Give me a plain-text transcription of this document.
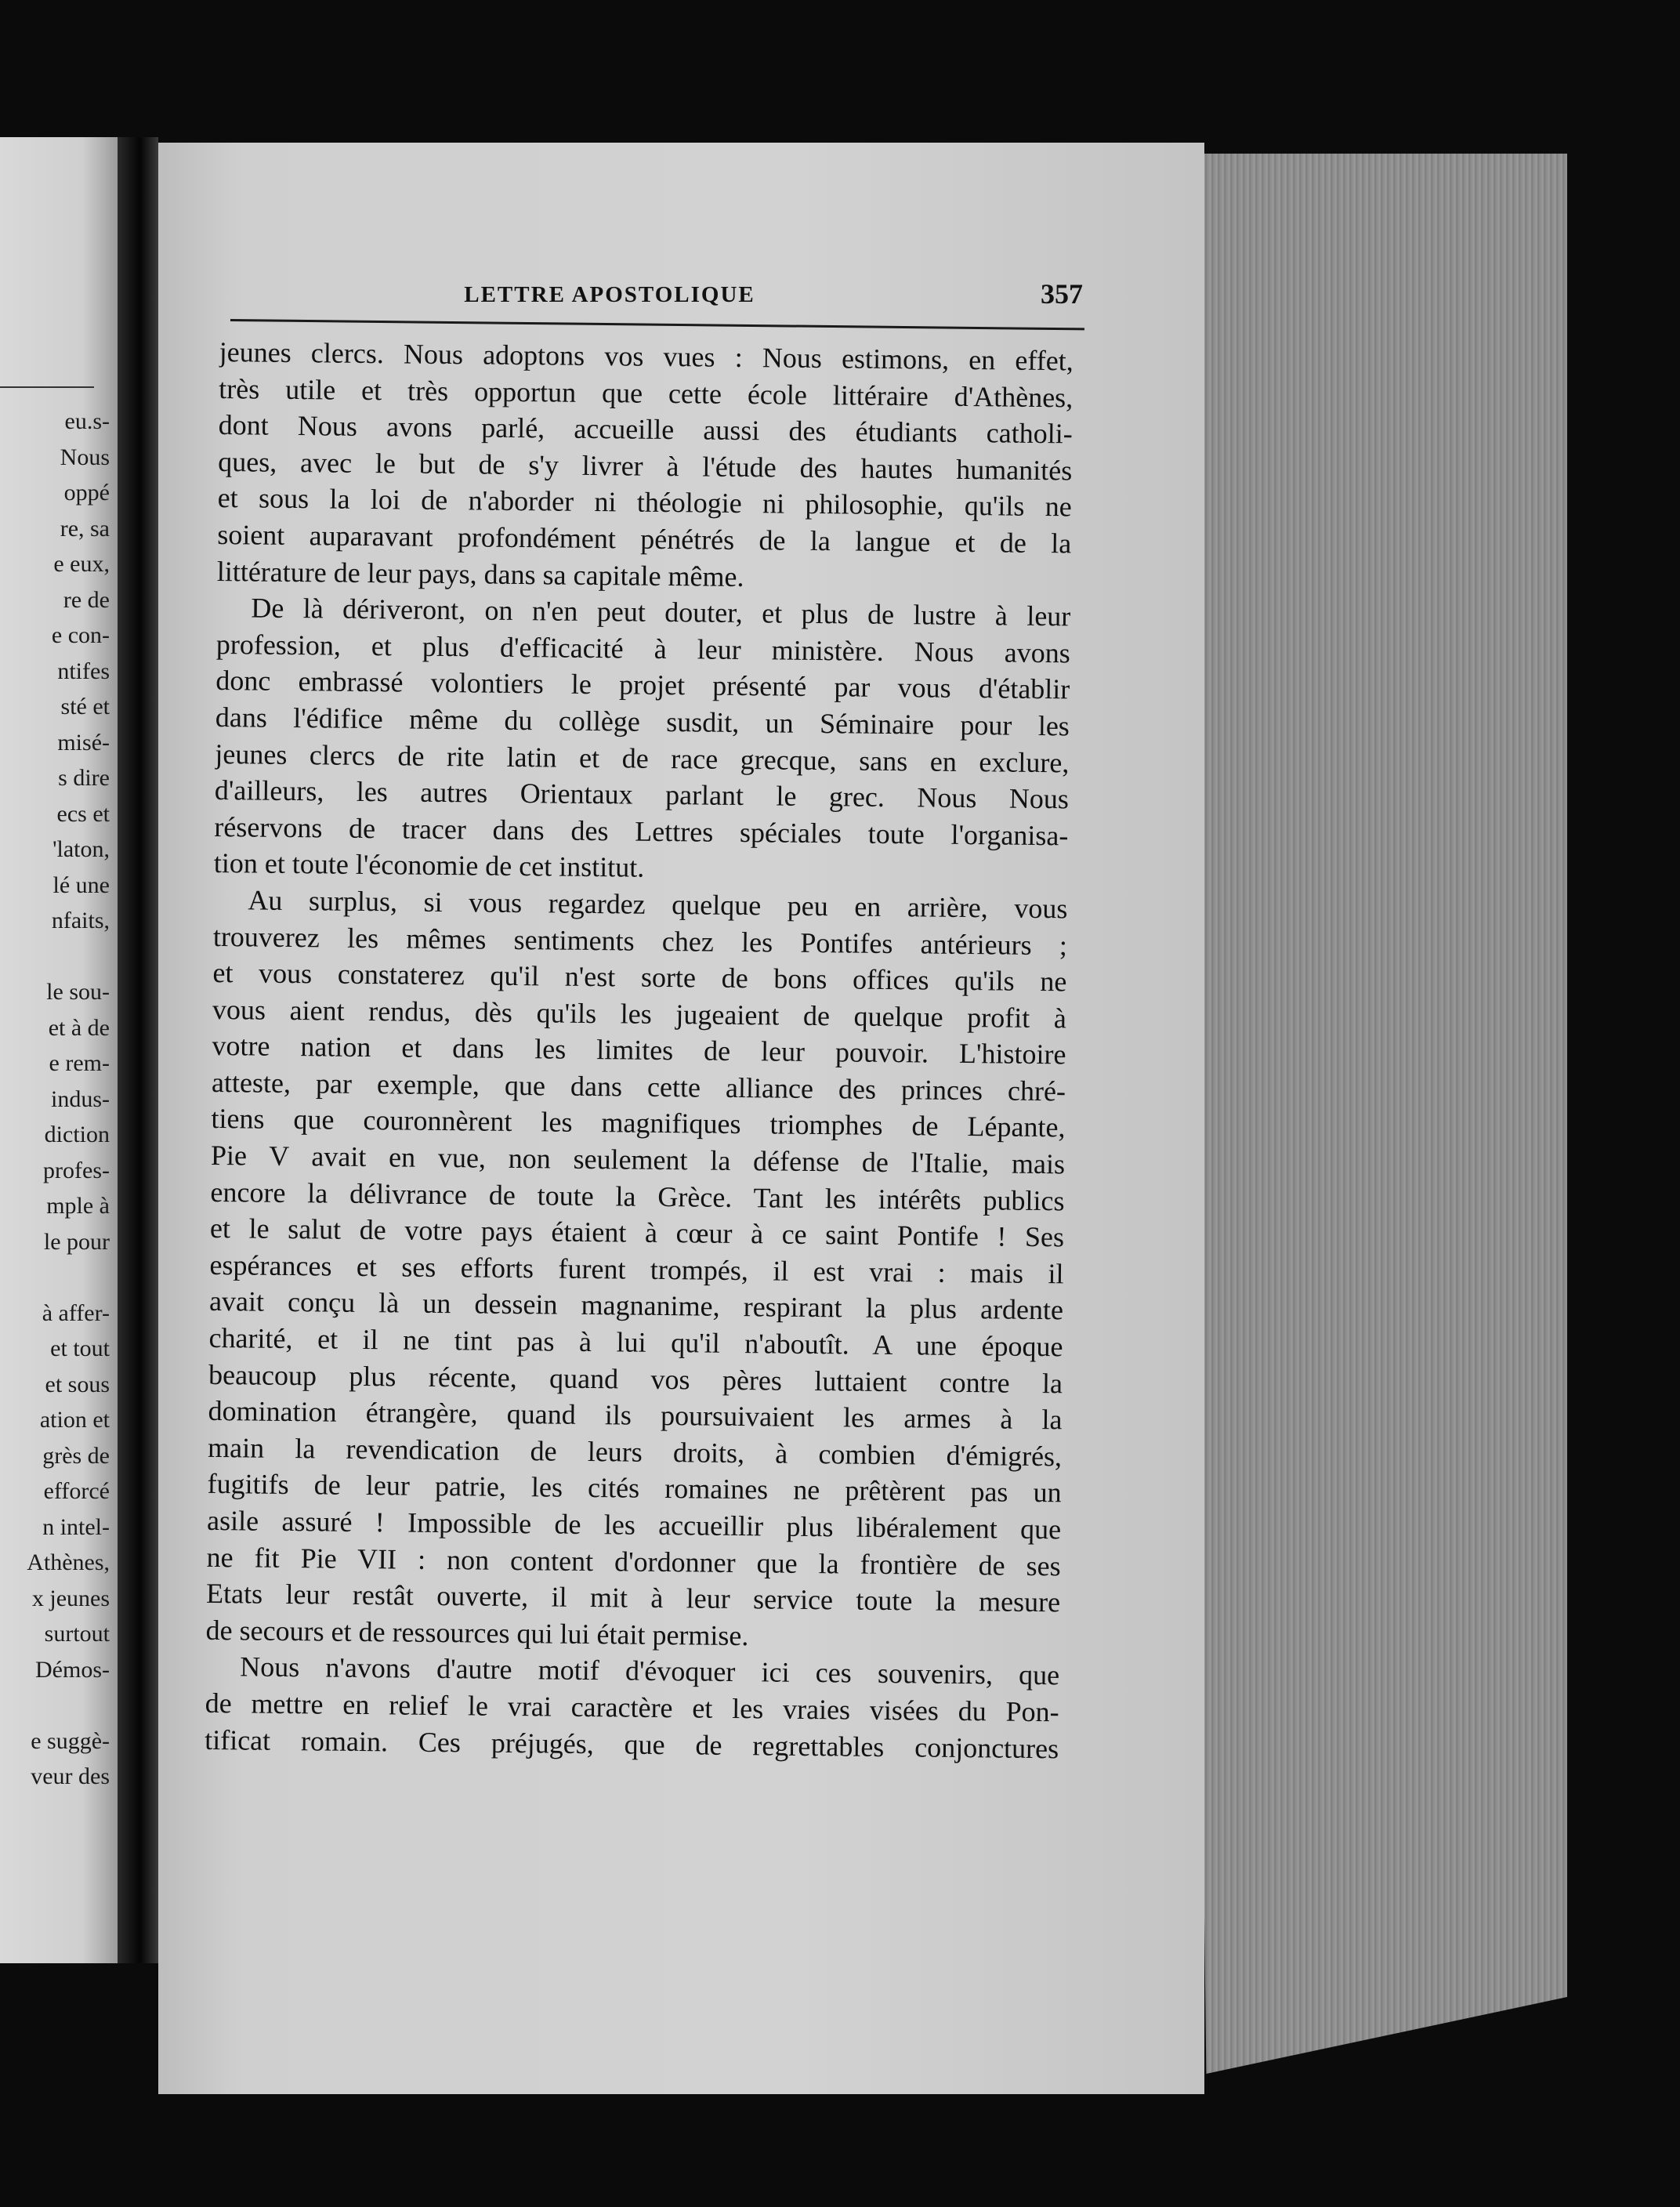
eu.s-
Nous
oppé
re, sa
e eux,
re de
e con-
ntifes
sté et
misé-
s dire
ecs et
'laton,
lé une
nfaits,
le sou-
et à de
e rem-
indus-
diction
profes-
mple à
le pour
à affer-
et tout
et sous
ation et
grès de
efforcé
n intel-
Athènes,
x jeunes
surtout
Démos-
e suggè-
veur des
LETTRE APOSTOLIQUE	357
jeunes clercs. Nous adoptons vos vues : Nous estimons, en effet,
très utile et très opportun que cette école littéraire d'Athènes,
dont Nous avons parlé, accueille aussi des étudiants catholi-
ques, avec le but de s'y livrer à l'étude des hautes humanités
et sous la loi de n'aborder ni théologie ni philosophie, qu'ils ne
soient auparavant profondément pénétrés de la langue et de la
littérature de leur pays, dans sa capitale même.
De là dériveront, on n'en peut douter, et plus de lustre à leur
profession, et plus d'efficacité à leur ministère. Nous avons
donc embrassé volontiers le projet présenté par vous d'établir
dans l'édifice même du collège susdit, un Séminaire pour les
jeunes clercs de rite latin et de race grecque, sans en exclure,
d'ailleurs, les autres Orientaux parlant le grec. Nous Nous
réservons de tracer dans des Lettres spéciales toute l'organisa-
tion et toute l'économie de cet institut.
Au surplus, si vous regardez quelque peu en arrière, vous
trouverez les mêmes sentiments chez les Pontifes antérieurs ;
et vous constaterez qu'il n'est sorte de bons offices qu'ils ne
vous aient rendus, dès qu'ils les jugeaient de quelque profit à
votre nation et dans les limites de leur pouvoir. L'histoire
atteste, par exemple, que dans cette alliance des princes chré-
tiens que couronnèrent les magnifiques triomphes de Lépante,
Pie V avait en vue, non seulement la défense de l'Italie, mais
encore la délivrance de toute la Grèce. Tant les intérêts publics
et le salut de votre pays étaient à cœur à ce saint Pontife ! Ses
espérances et ses efforts furent trompés, il est vrai : mais il
avait conçu là un dessein magnanime, respirant la plus ardente
charité, et il ne tint pas à lui qu'il n'aboutît. A une époque
beaucoup plus récente, quand vos pères luttaient contre la
domination étrangère, quand ils poursuivaient les armes à la
main la revendication de leurs droits, à combien d'émigrés,
fugitifs de leur patrie, les cités romaines ne prêtèrent pas un
asile assuré ! Impossible de les accueillir plus libéralement que
ne fit Pie VII : non content d'ordonner que la frontière de ses
Etats leur restât ouverte, il mit à leur service toute la mesure
de secours et de ressources qui lui était permise.
Nous n'avons d'autre motif d'évoquer ici ces souvenirs, que
de mettre en relief le vrai caractère et les vraies visées du Pon-
tificat romain. Ces préjugés, que de regrettables conjonctures
